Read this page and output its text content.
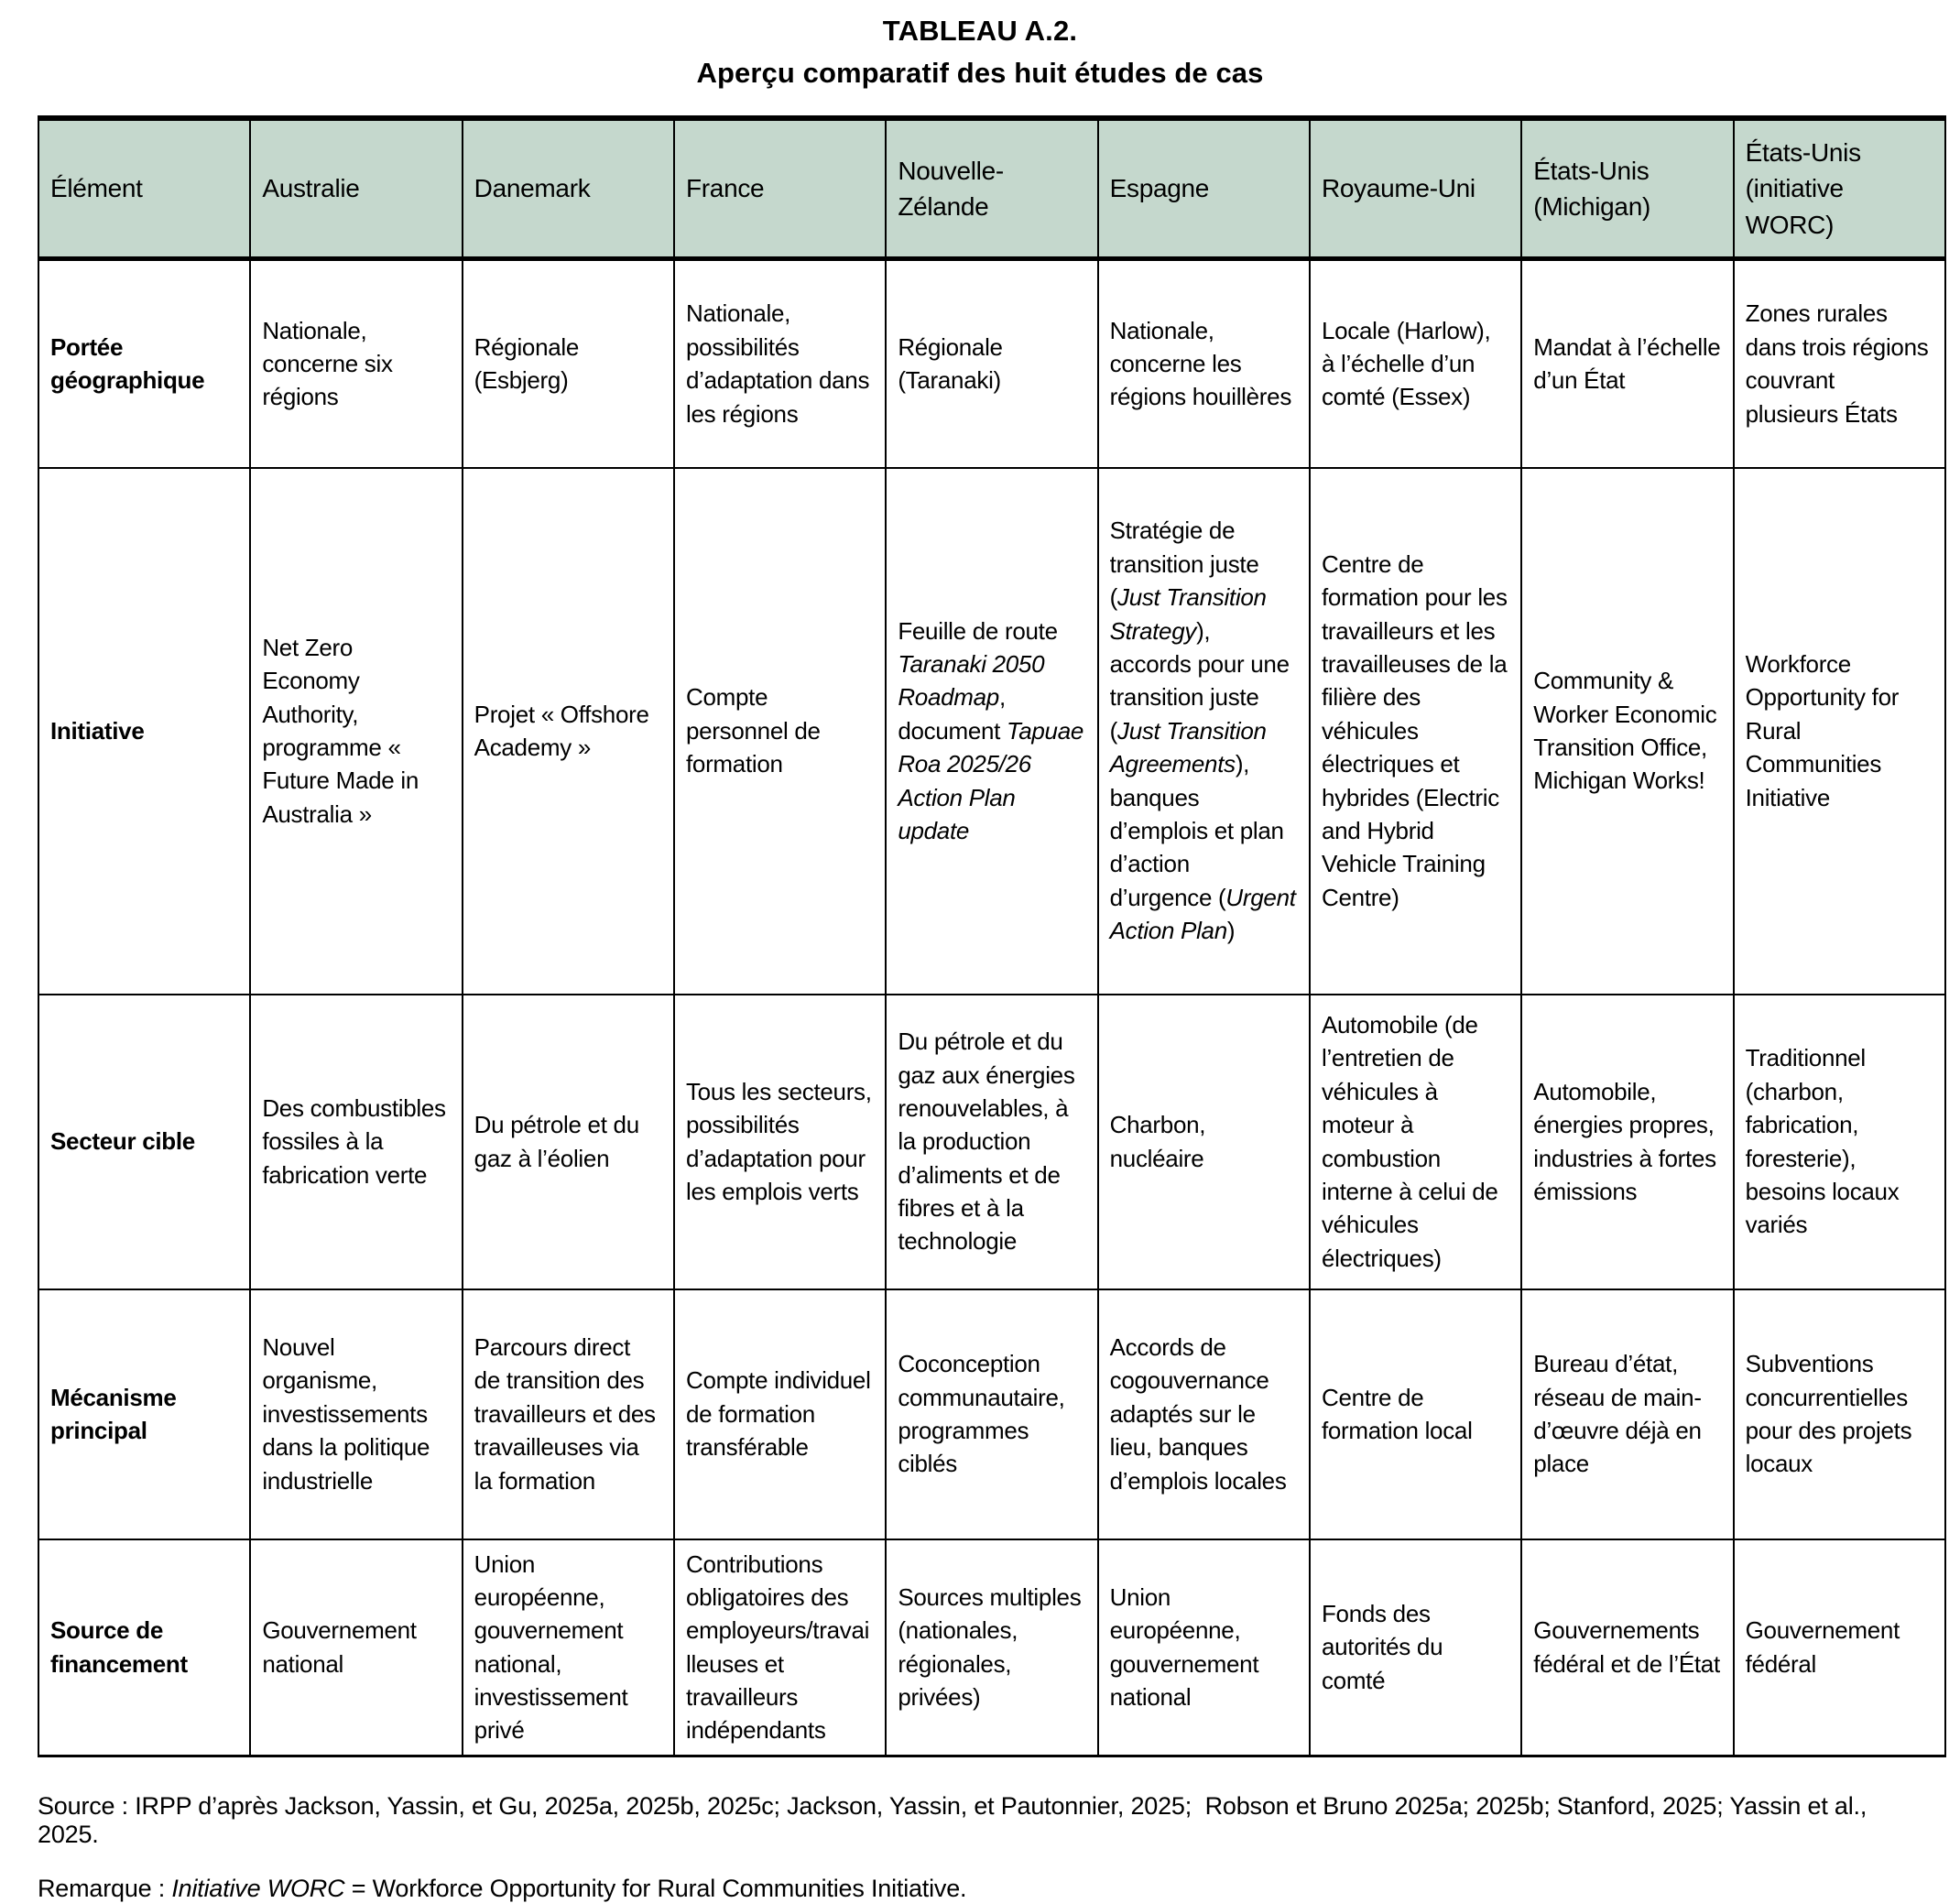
TABLEAU A.2.
Aperçu comparatif des huit études de cas
Élément	Australie	Danemark	France	Nouvelle-Zélande	Espagne	Royaume-Uni	États-Unis (Michigan)	États-Unis (initiative WORC)
Portée géographique	Nationale, concerne six régions	Régionale (Esbjerg)	Nationale, possibilités d’adaptation dans les régions	Régionale (Taranaki)	Nationale, concerne les régions houillères	Locale (Harlow), à l’échelle d’un comté (Essex)	Mandat à l’échelle d’un État	Zones rurales dans trois régions couvrant plusieurs États
Initiative	Net Zero Economy Authority, programme « Future Made in Australia »	Projet « Offshore Academy »	Compte personnel de formation	Feuille de route Taranaki 2050 Roadmap, document Tapuae Roa 2025/26 Action Plan update	Stratégie de transition juste (Just Transition Strategy), accords pour une transition juste (Just Transition Agreements), banques d’emplois et plan d’action d’urgence (Urgent Action Plan)	Centre de formation pour les travailleurs et les travailleuses de la filière des véhicules électriques et hybrides (Electric and Hybrid Vehicle Training Centre)	Community & Worker Economic Transition Office, Michigan Works!	Workforce Opportunity for Rural Communities Initiative
Secteur cible	Des combustibles fossiles à la fabrication verte	Du pétrole et du gaz à l’éolien	Tous les secteurs, possibilités d’adaptation pour les emplois verts	Du pétrole et du gaz aux énergies renouvelables, à la production d’aliments et de fibres et à la technologie	Charbon, nucléaire	Automobile (de l’entretien de véhicules à moteur à combustion interne à celui de véhicules électriques)	Automobile, énergies propres, industries à fortes émissions	Traditionnel (charbon, fabrication, foresterie), besoins locaux variés
Mécanisme principal	Nouvel organisme, investissements dans la politique industrielle	Parcours direct de transition des travailleurs et des travailleuses via la formation	Compte individuel de formation transférable	Coconception communautaire, programmes ciblés	Accords de cogouvernance adaptés sur le lieu, banques d’emplois locales	Centre de formation local	Bureau d’état, réseau de main-d’œuvre déjà en place	Subventions concurrentielles pour des projets locaux
Source de financement	Gouvernement national	Union européenne, gouvernement national, investissement privé	Contributions obligatoires des employeurs/travailleuses et travailleurs indépendants	Sources multiples (nationales, régionales, privées)	Union européenne, gouvernement national	Fonds des autorités du comté	Gouvernements fédéral et de l’État	Gouvernement fédéral
Source : IRPP d’après Jackson, Yassin, et Gu, 2025a, 2025b, 2025c; Jackson, Yassin, et Pautonnier, 2025;  Robson et Bruno 2025a; 2025b; Stanford, 2025; Yassin et al., 2025.
Remarque : Initiative WORC = Workforce Opportunity for Rural Communities Initiative.
